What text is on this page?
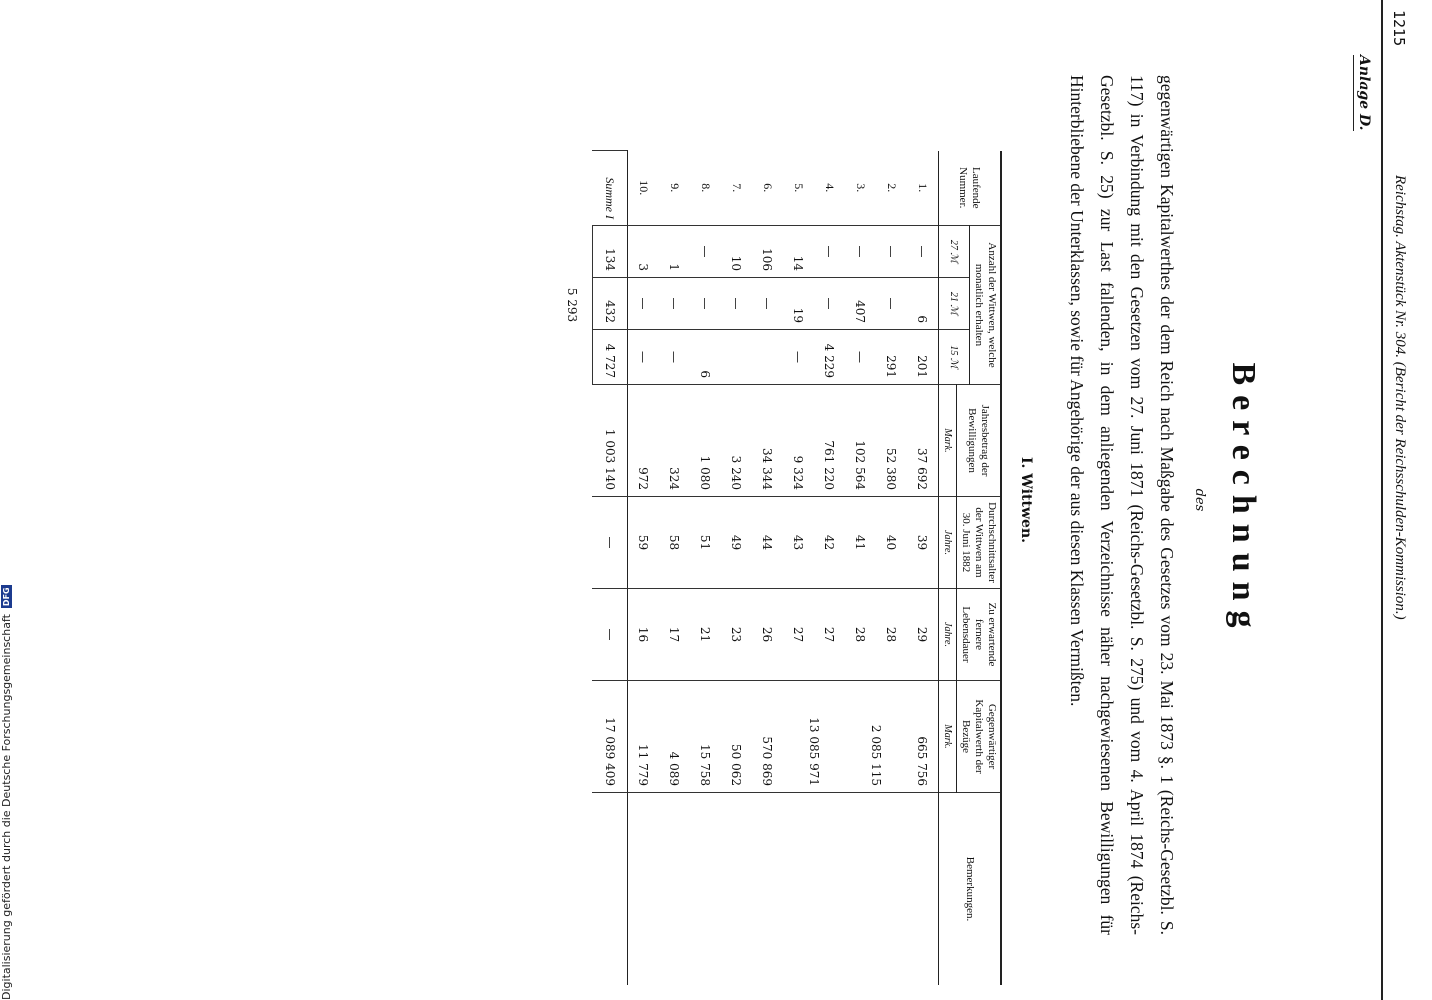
1215
Reichstag. Aktenstück Nr. 304. (Bericht der Reichsschulden-Kommission.)
Anlage D.
Berechnung
des
gegenwärtigen Kapitalwerthes der dem Reich nach Maßgabe des Gesetzes vom 23. Mai 1873 §. 1 (Reichs-Gesetzbl. S. 117) in Verbindung mit den Gesetzen vom 27. Juni 1871 (Reichs-Gesetzbl. S. 275) und vom 4. April 1874 (Reichs-Gesetzbl. S. 25) zur Last fallenden, in dem anliegenden Verzeichnisse näher nachgewiesenen Bewilligungen für Hinterbliebene der Unterklassen, sowie für Angehörige der aus diesen Klassen Vermißten.
I. Wittwen.
Laufende Nummer.	Anzahl der Wittwen, welche monatlich erhalten			Jahresbetrag der Bewilligungen	Durchschnittsalter der Wittwen am 30. Juni 1882	Zu erwartende fernere Lebensdauer	Gegenwärtiger Kapitalwerth der Bezüge	Bemerkungen.
	27 ℳ	21 ℳ	15 ℳ					
				Mark.	Jahre.	Jahre.	Mark.	
1.	—	6	201	37 692	39	29	665 756	
2.	—	—	291	52 380	40	28	2 085 115	
3.	—	407	—	102 564	41	28		
4.	—	—	4 229	761 220	42	27	13 085 971	
5.	14	19	—	9 324	43	27		
6.	106	—		34 344	44	26	570 869	
7.	10	—		3 240	49	23	50 062	
8.	—	—	6	1 080	51	21	15 758	
9.	1	—	—	324	58	17	4 089	
10.	3	—	—	972	59	16	11 779	
Summe I	134	432	4 727	1 003 140	—	—	17 089 409	
	5 293							
Digitalisierung gefördert durch die Deutsche Forschungsgemeinschaft
DFG
